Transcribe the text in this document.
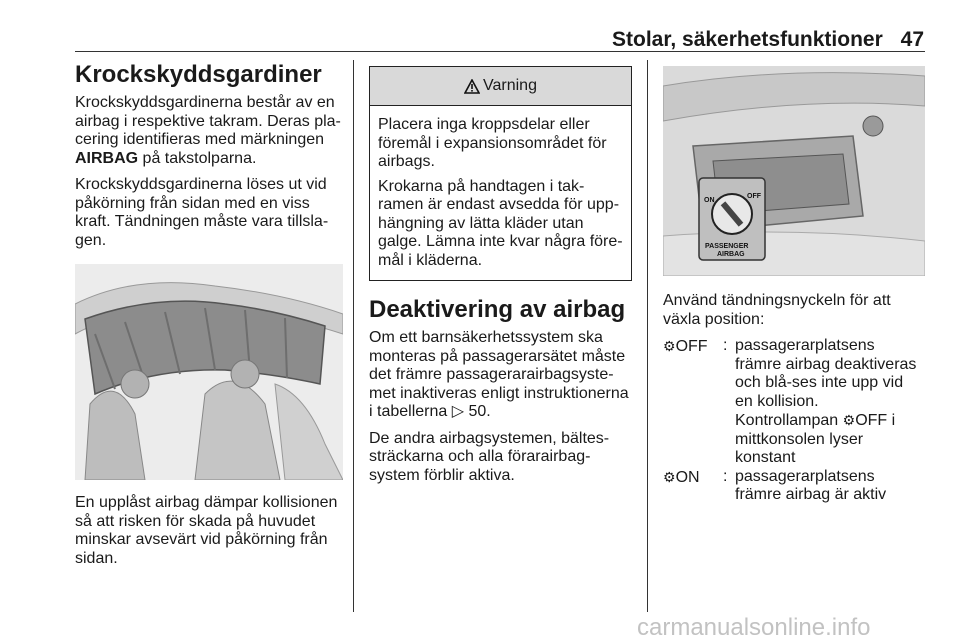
Stolar, säkerhetsfunktioner 47
Krockskyddsgardiner

Krockskyddsgardinerna består av en airbag i respektive takram. Deras pla-cering identifieras med märkningen AIRBAG på takstolparna.

Krockskyddsgardinerna löses ut vid påkörning från sidan med en viss kraft. Tändningen måste vara tillsla-gen.

En upplåst airbag dämpar kollisionen så att risken för skada på huvudet minskar avsevärt vid påkörning från sidan.

Varning

Placera inga kroppsdelar eller föremål i expansionsområdet för airbags.

Krokarna på handtagen i tak-ramen är endast avsedda för upp-hängning av lätta kläder utan galge. Lämna inte kvar några före-mål i kläderna.

Deaktivering av airbag

Om ett barnsäkerhetssystem ska monteras på passagerarsätet måste det främre passagerarairbagsyste-met inaktiveras enligt instruktionerna i tabellerna ▷ 50.

De andra airbagsystemen, bältes-sträckarna och alla förarairbag-system förblir aktiva.

ON
OFF
PASSENGER
AIRBAG

Använd tändningsnyckeln för att växla position:

⚙OFF : passagerarplatsens främre airbag deaktiveras och blå-ses inte upp vid en kollision. Kontrollampan ⚙OFF i mittkonsolen lyser konstant
⚙ON	: passagerarplatsens främre airbag är aktiv
carmanualsonline.info
